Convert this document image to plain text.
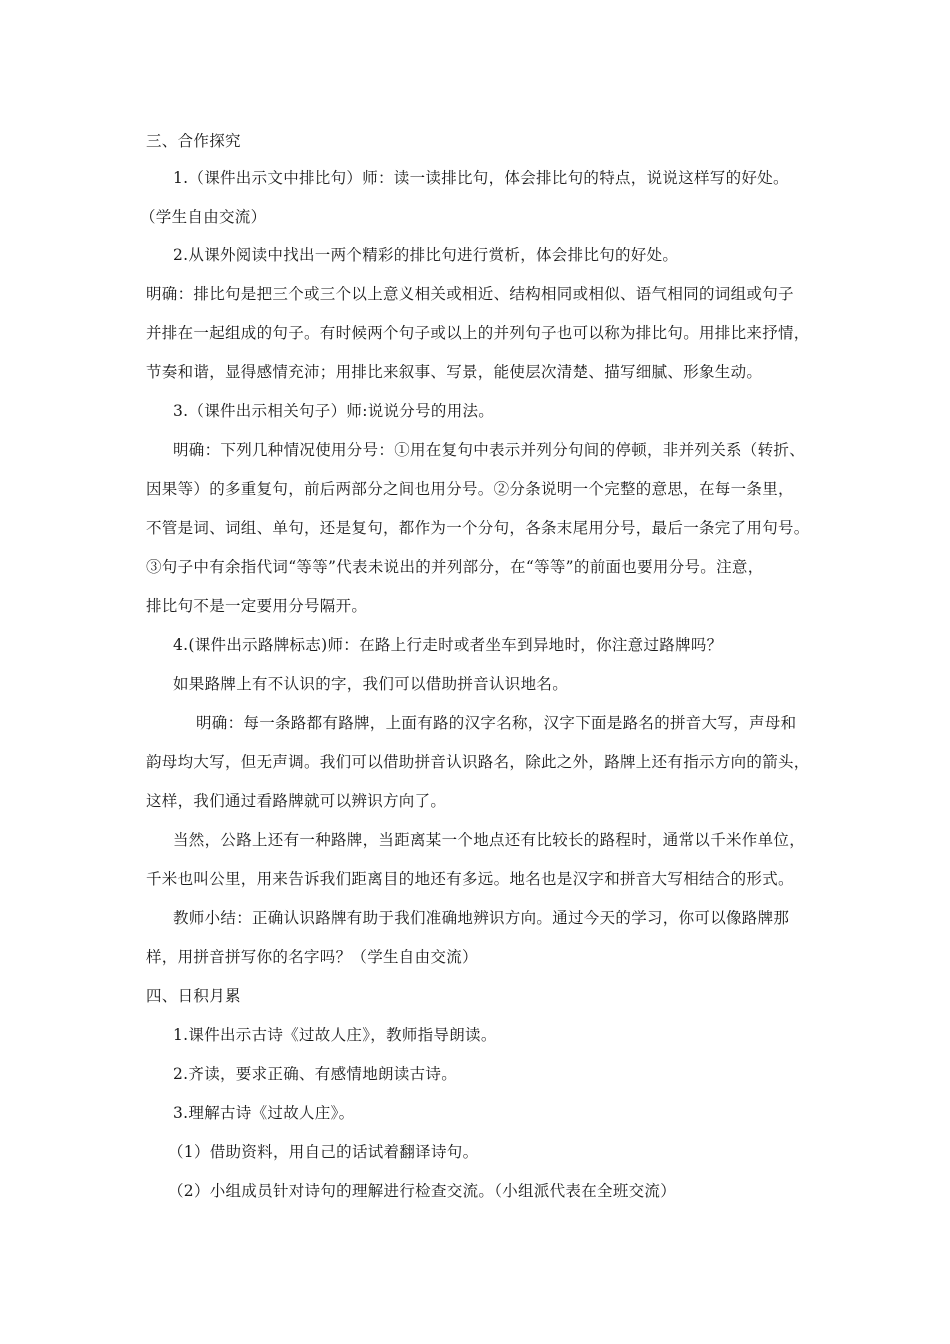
三、合作探究
1.（课件出示文中排比句）师：读一读排比句，体会排比句的特点，说说这样写的好处。
（学生自由交流）
2.从课外阅读中找出一两个精彩的排比句进行赏析，体会排比句的好处。
明确：排比句是把三个或三个以上意义相关或相近、结构相同或相似、语气相同的词组或句子
并排在一起组成的句子。有时候两个句子或以上的并列句子也可以称为排比句。用排比来抒情，
节奏和谐，显得感情充沛；用排比来叙事、写景，能使层次清楚、描写细腻、形象生动。
3.（课件出示相关句子）师:说说分号的用法。
明确：下列几种情况使用分号：①用在复句中表示并列分句间的停顿，非并列关系（转折、
因果等）的多重复句，前后两部分之间也用分号。②分条说明一个完整的意思，在每一条里，
不管是词、词组、单句，还是复句，都作为一个分句，各条末尾用分号，最后一条完了用句号。
③句子中有余指代词“等等”代表未说出的并列部分，在“等等”的前面也要用分号。注意，
排比句不是一定要用分号隔开。
4.(课件出示路牌标志)师：在路上行走时或者坐车到异地时，你注意过路牌吗？
如果路牌上有不认识的字，我们可以借助拼音认识地名。
明确：每一条路都有路牌，上面有路的汉字名称，汉字下面是路名的拼音大写，声母和
韵母均大写，但无声调。我们可以借助拼音认识路名，除此之外，路牌上还有指示方向的箭头，
这样，我们通过看路牌就可以辨识方向了。
当然，公路上还有一种路牌，当距离某一个地点还有比较长的路程时，通常以千米作单位，
千米也叫公里，用来告诉我们距离目的地还有多远。地名也是汉字和拼音大写相结合的形式。
教师小结：正确认识路牌有助于我们准确地辨识方向。通过今天的学习，你可以像路牌那
样，用拼音拼写你的名字吗？（学生自由交流）
四、日积月累
1.课件出示古诗《过故人庄》，教师指导朗读。
2.齐读，要求正确、有感情地朗读古诗。
3.理解古诗《过故人庄》。
（1）借助资料，用自己的话试着翻译诗句。
（2）小组成员针对诗句的理解进行检查交流。（小组派代表在全班交流）
